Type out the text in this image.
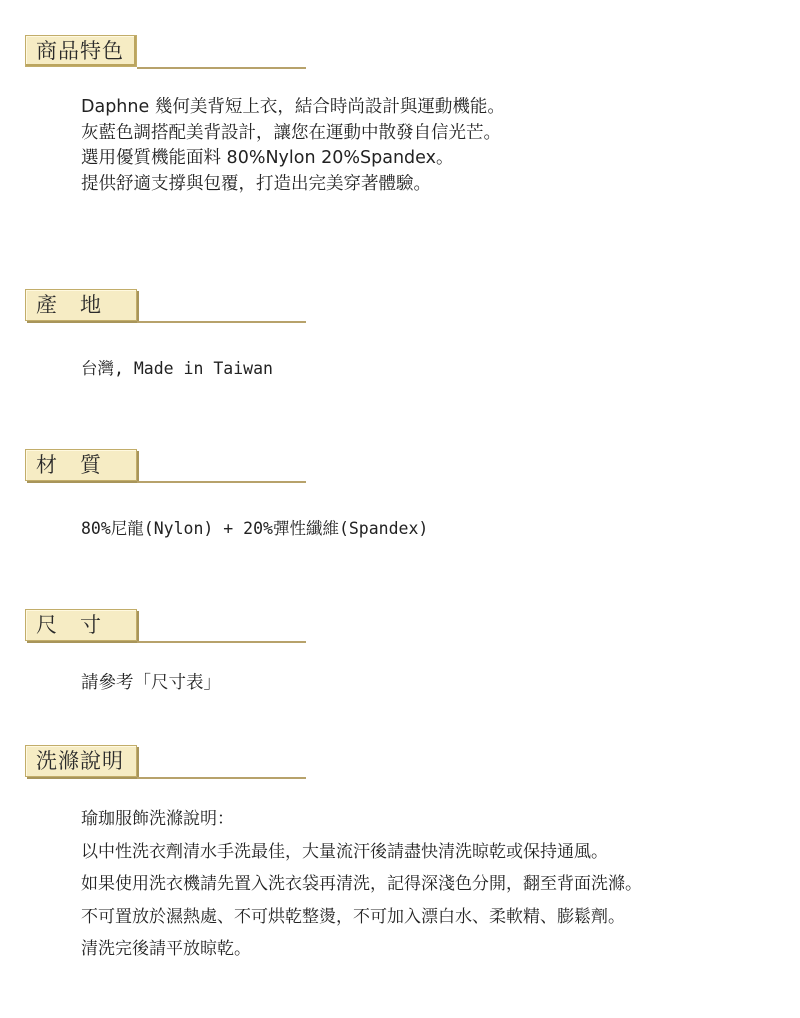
商品特色
Daphne 幾何美背短上衣，結合時尚設計與運動機能。
灰藍色調搭配美背設計，讓您在運動中散發自信光芒。
選用優質機能面料 80%Nylon 20%Spandex。
提供舒適支撐與包覆，打造出完美穿著體驗。
產　地
台灣, Made in Taiwan
材　質
80%尼龍(Nylon) + 20%彈性纖維(Spandex)
尺　寸
請參考「尺寸表」
洗滌說明
瑜珈服飾洗滌說明：
以中性洗衣劑清水手洗最佳，大量流汗後請盡快清洗晾乾或保持通風。
如果使用洗衣機請先置入洗衣袋再清洗，記得深淺色分開，翻至背面洗滌。
不可置放於濕熱處、不可烘乾整燙，不可加入漂白水、柔軟精、膨鬆劑。
清洗完後請平放晾乾。
